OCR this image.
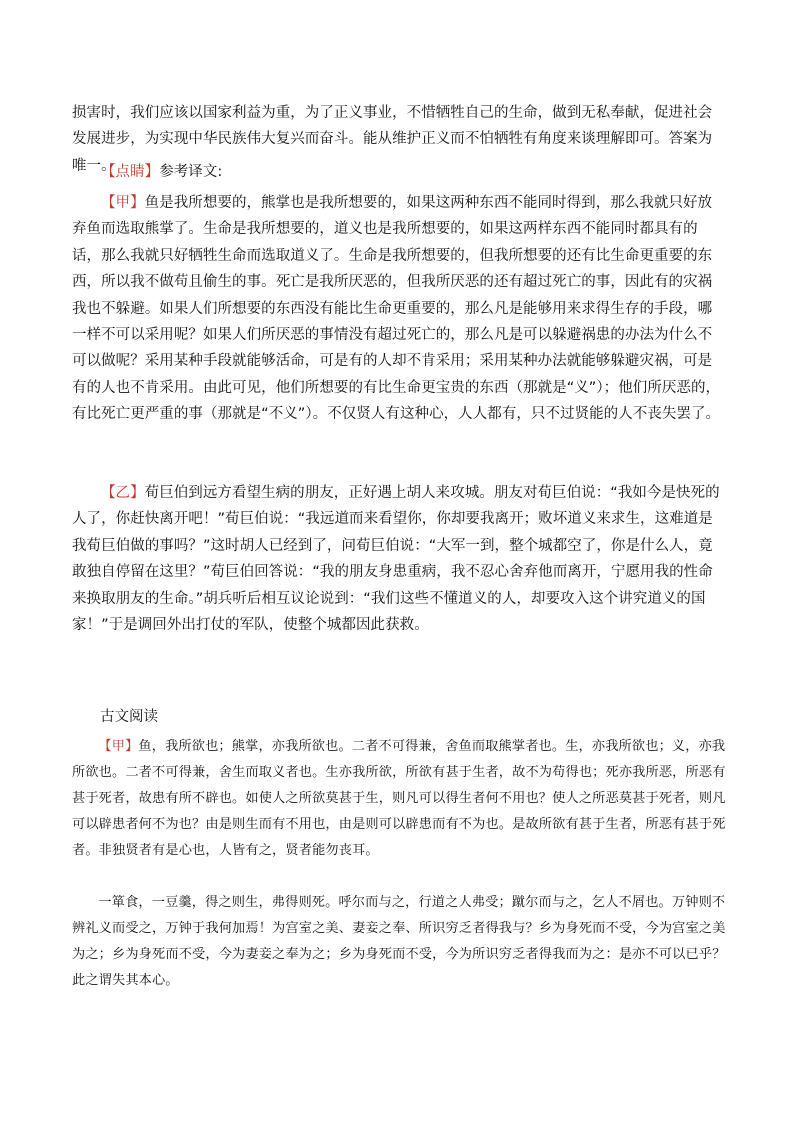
损害时，我们应该以国家利益为重，为了正义事业，不惜牺牲自己的生命，做到无私奉献，促进社会发展进步，为实现中华民族伟大复兴而奋斗。能从维护正义而不怕牺牲有角度来谈理解即可。答案为唯一。

【点睛】参考译文:

【甲】鱼是我所想要的，熊掌也是我所想要的，如果这两种东西不能同时得到，那么我就只好放弃鱼而选取熊掌了。生命是我所想要的，道义也是我所想要的，如果这两样东西不能同时都具有的话，那么我就只好牺牲生命而选取道义了。生命是我所想要的，但我所想要的还有比生命更重要的东西，所以我不做苟且偷生的事。死亡是我所厌恶的，但我所厌恶的还有超过死亡的事，因此有的灾祸我也不躲避。如果人们所想要的东西没有能比生命更重要的，那么凡是能够用来求得生存的手段，哪一样不可以采用呢？如果人们所厌恶的事情没有超过死亡的，那么凡是可以躲避祸患的办法为什么不可以做呢？采用某种手段就能够活命，可是有的人却不肯采用；采用某种办法就能够躲避灾祸，可是有的人也不肯采用。由此可见，他们所想要的有比生命更宝贵的东西（那就是“义”）；他们所厌恶的，有比死亡更严重的事（那就是“不义”）。不仅贤人有这种心，人人都有，只不过贤能的人不丧失罢了。

【乙】荀巨伯到远方看望生病的朋友，正好遇上胡人来攻城。朋友对荀巨伯说：“我如今是快死的人了，你赶快离开吧！”荀巨伯说：“我远道而来看望你，你却要我离开；败坏道义来求生，这难道是我荀巨伯做的事吗？”这时胡人已经到了，问荀巨伯说：“大军一到，整个城都空了，你是什么人，竟敢独自停留在这里？”荀巨伯回答说：“我的朋友身患重病，我不忍心舍弃他而离开，宁愿用我的性命来换取朋友的生命。”胡兵听后相互议论说到：“我们这些不懂道义的人，却要攻入这个讲究道义的国家！”于是调回外出打仗的军队，使整个城都因此获救。

古文阅读

【甲】鱼，我所欲也；熊掌，亦我所欲也。二者不可得兼，舍鱼而取熊掌者也。生，亦我所欲也；义，亦我所欲也。二者不可得兼，舍生而取义者也。生亦我所欲，所欲有甚于生者，故不为苟得也；死亦我所恶，所恶有甚于死者，故患有所不辟也。如使人之所欲莫甚于生，则凡可以得生者何不用也？使人之所恶莫甚于死者，则凡可以辟患者何不为也？由是则生而有不用也，由是则可以辟患而有不为也。是故所欲有甚于生者，所恶有甚于死者。非独贤者有是心也，人皆有之，贤者能勿丧耳。

一箪食，一豆羹，得之则生，弗得则死。呼尔而与之，行道之人弗受；蹴尔而与之，乞人不屑也。万钟则不辨礼义而受之，万钟于我何加焉！为宫室之美、妻妾之奉、所识穷乏者得我与？乡为身死而不受，今为宫室之美为之；乡为身死而不受，今为妻妾之奉为之；乡为身死而不受，今为所识穷乏者得我而为之：是亦不可以已乎？此之谓失其本心。
